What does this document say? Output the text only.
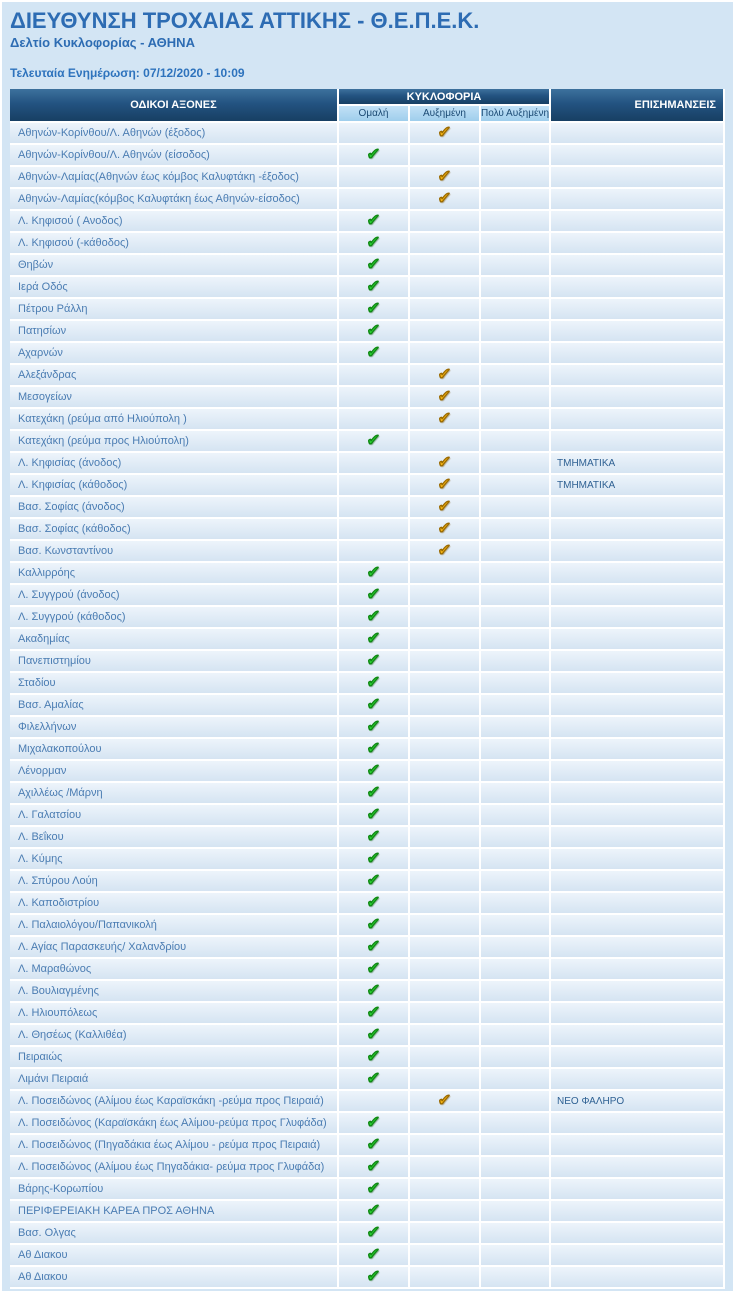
ΔΙΕΥΘΥΝΣΗ ΤΡΟΧΑΙΑΣ ΑΤΤΙΚΗΣ - Θ.Ε.Π.Ε.Κ.
Δελτίο Κυκλοφορίας - ΑΘΗΝΑ
Τελευταία Ενημέρωση: 07/12/2020 - 10:09
ΟΔΙΚΟΙ ΑΞΟΝΕΣ	ΚΥΚΛΟΦΟΡΙΑ			ΕΠΙΣΗΜΑΝΣΕΙΣ
	Ομαλή	Αυξημένη	Πολύ Αυξημένη	
Αθηνών-Κορίνθου/Λ. Αθηνών (έξοδος)		✔		
Αθηνών-Κορίνθου/Λ. Αθηνών (είσοδος)	✔			
Αθηνών-Λαμίας(Αθηνών έως κόμβος Καλυφτάκη -έξοδος)		✔		
Αθηνών-Λαμίας(κόμβος Καλυφτάκη έως Αθηνών-είσοδος)		✔		
Λ. Κηφισού ( Ανοδος)	✔			
Λ. Κηφισού (-κάθοδος)	✔			
Θηβών	✔			
Ιερά Οδός	✔			
Πέτρου Ράλλη	✔			
Πατησίων	✔			
Αχαρνών	✔			
Αλεξάνδρας		✔		
Μεσογείων		✔		
Κατεχάκη (ρεύμα από Ηλιούπολη )		✔		
Κατεχάκη (ρεύμα προς Ηλιούπολη)	✔			
Λ. Κηφισίας (άνοδος)		✔		ΤΜΗΜΑΤΙΚΑ
Λ. Κηφισίας (κάθοδος)		✔		ΤΜΗΜΑΤΙΚΑ
Βασ. Σοφίας (άνοδος)		✔		
Βασ. Σοφίας (κάθοδος)		✔		
Βασ. Κωνσταντίνου		✔		
Καλλιρρόης	✔			
Λ. Συγγρού (άνοδος)	✔			
Λ. Συγγρού (κάθοδος)	✔			
Ακαδημίας	✔			
Πανεπιστημίου	✔			
Σταδίου	✔			
Βασ. Αμαλίας	✔			
Φιλελλήνων	✔			
Μιχαλακοπούλου	✔			
Λένορμαν	✔			
Αχιλλέως /Μάρνη	✔			
Λ. Γαλατσίου	✔			
Λ. Βεΐκου	✔			
Λ. Κύμης	✔			
Λ. Σπύρου Λούη	✔			
Λ. Καποδιστρίου	✔			
Λ. Παλαιολόγου/Παπανικολή	✔			
Λ. Αγίας Παρασκευής/ Χαλανδρίου	✔			
Λ. Μαραθώνος	✔			
Λ. Βουλιαγμένης	✔			
Λ. Ηλιουπόλεως	✔			
Λ. Θησέως (Καλλιθέα)	✔			
Πειραιώς	✔			
Λιμάνι Πειραιά	✔			
Λ. Ποσειδώνος (Αλίμου έως Καραϊσκάκη -ρεύμα προς Πειραιά)		✔		ΝΕΟ ΦΑΛΗΡΟ
Λ. Ποσειδώνος (Καραϊσκάκη έως Αλίμου-ρεύμα προς Γλυφάδα)	✔			
Λ. Ποσειδώνος (Πηγαδάκια έως Αλίμου - ρεύμα προς Πειραιά)	✔			
Λ. Ποσειδώνος (Αλίμου έως Πηγαδάκια- ρεύμα προς Γλυφάδα)	✔			
Βάρης-Κορωπίου	✔			
ΠΕΡΙΦΕΡΕΙΑΚΗ ΚΑΡΕΑ ΠΡΟΣ ΑΘΗΝΑ	✔			
Βασ. Ολγας	✔			
Αθ Διακου	✔			
Αθ Διακου	✔			
